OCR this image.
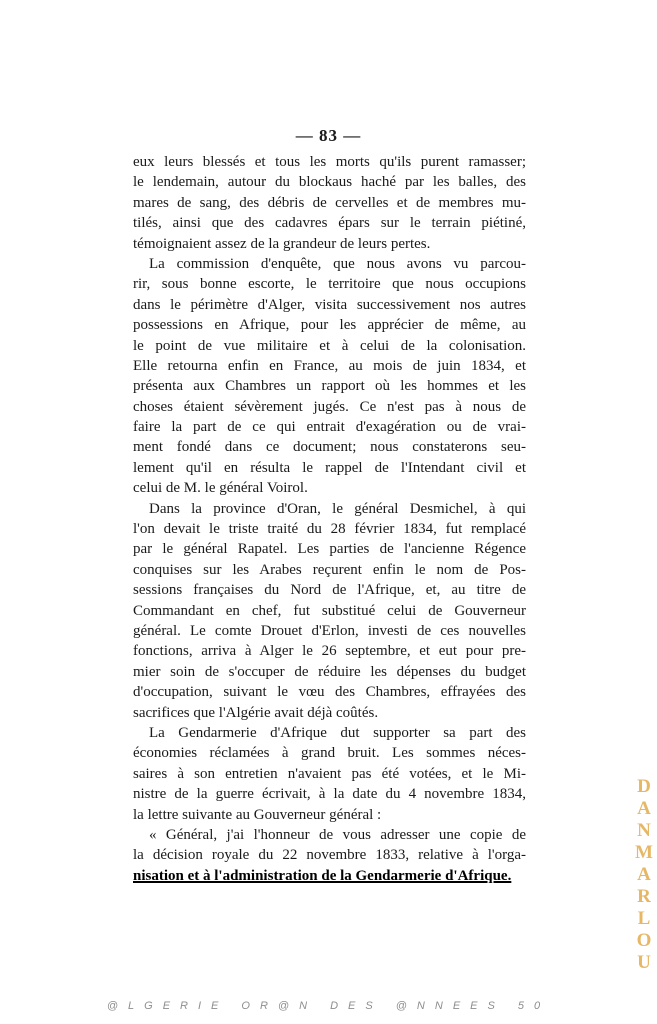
— 83 —
eux leurs blessés et tous les morts qu'ils purent ramasser;
le lendemain, autour du blockaus haché par les balles, des
mares de sang, des débris de cervelles et de membres mu-
tilés, ainsi que des cadavres épars sur le terrain piétiné,
témoignaient assez de la grandeur de leurs pertes.
La commission d'enquête, que nous avons vu parcou-
rir, sous bonne escorte, le territoire que nous occupions
dans le périmètre d'Alger, visita successivement nos autres
possessions en Afrique, pour les apprécier de même, au
le point de vue militaire et à celui de la colonisation.
Elle retourna enfin en France, au mois de juin 1834, et
présenta aux Chambres un rapport où les hommes et les
choses étaient sévèrement jugés. Ce n'est pas à nous de
faire la part de ce qui entrait d'exagération ou de vrai-
ment fondé dans ce document; nous constaterons seu-
lement qu'il en résulta le rappel de l'Intendant civil et
celui de M. le général Voirol.
Dans la province d'Oran, le général Desmichel, à qui
l'on devait le triste traité du 28 février 1834, fut remplacé
par le général Rapatel. Les parties de l'ancienne Régence
conquises sur les Arabes reçurent enfin le nom de Pos-
sessions françaises du Nord de l'Afrique, et, au titre de
Commandant en chef, fut substitué celui de Gouverneur
général. Le comte Drouet d'Erlon, investi de ces nouvelles
fonctions, arriva à Alger le 26 septembre, et eut pour pre-
mier soin de s'occuper de réduire les dépenses du budget
d'occupation, suivant le vœu des Chambres, effrayées des
sacrifices que l'Algérie avait déjà coûtés.
La Gendarmerie d'Afrique dut supporter sa part des
économies réclamées à grand bruit. Les sommes néces-
saires à son entretien n'avaient pas été votées, et le Mi-
nistre de la guerre écrivait, à la date du 4 novembre 1834,
la lettre suivante au Gouverneur général :
« Général, j'ai l'honneur de vous adresser une copie de
la décision royale du 22 novembre 1833, relative à l'orga-
nisation et à l'administration de la Gendarmerie d'Afrique.
D
A
N
M
A
R
L
O
U
@LGERIE OR@N DES @NNEES 50
